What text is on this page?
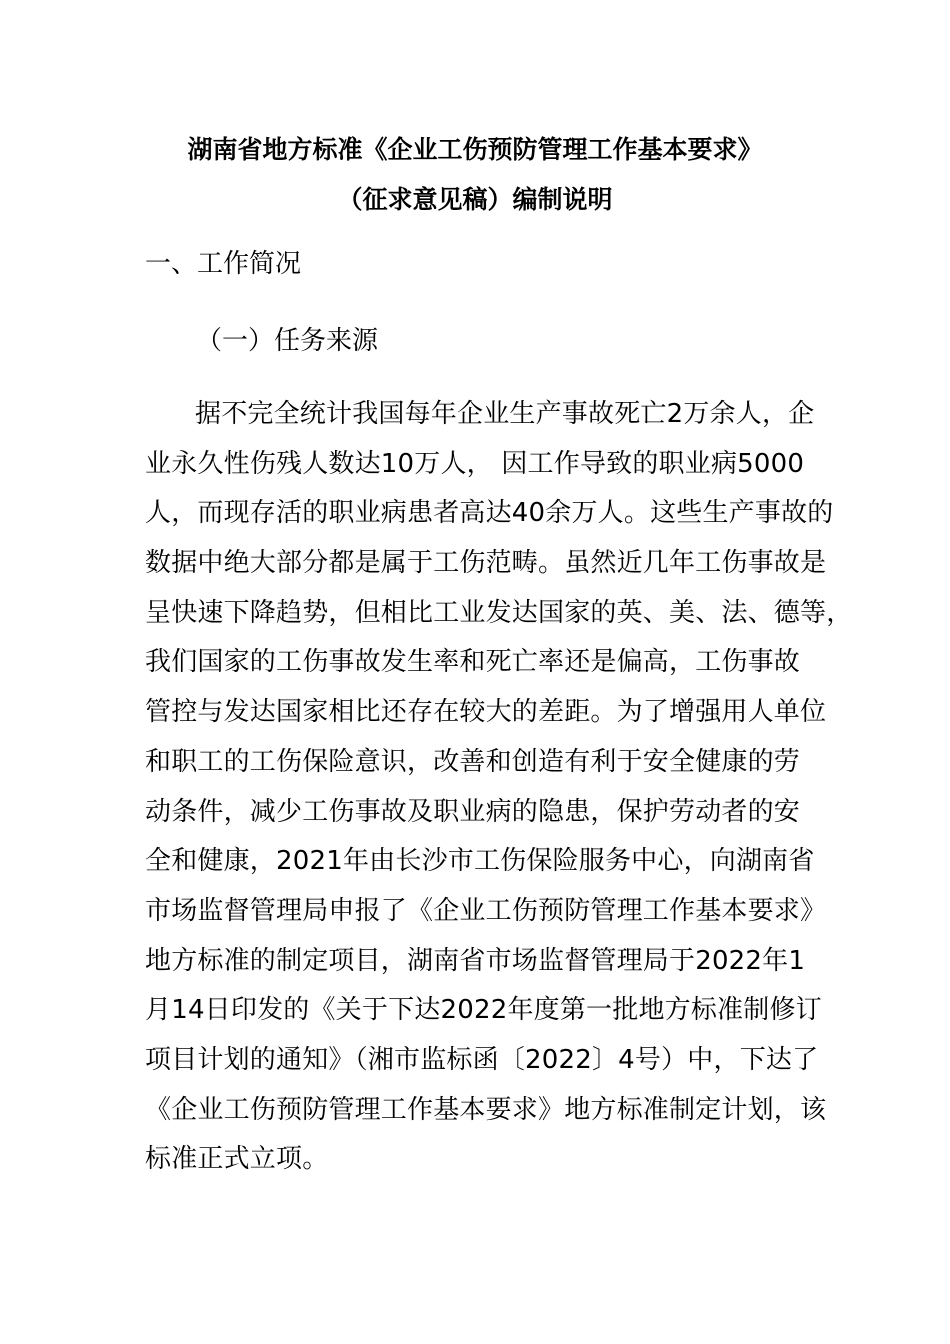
湖南省地方标准《企业工伤预防管理工作基本要求》
（征求意见稿）编制说明
一、工作简况
（一）任务来源
据不完全统计我国每年企业生产事故死亡2万余人，企
业永久性伤残人数达10万人， 因工作导致的职业病5000
人，而现存活的职业病患者高达40余万人。这些生产事故的
数据中绝大部分都是属于工伤范畴。虽然近几年工伤事故是
呈快速下降趋势，但相比工业发达国家的英、美、法、德等，
我们国家的工伤事故发生率和死亡率还是偏高，工伤事故
管控与发达国家相比还存在较大的差距。为了增强用人单位
和职工的工伤保险意识，改善和创造有利于安全健康的劳
动条件，减少工伤事故及职业病的隐患，保护劳动者的安
全和健康，2021年由长沙市工伤保险服务中心，向湖南省
市场监督管理局申报了《企业工伤预防管理工作基本要求》
地方标准的制定项目，湖南省市场监督管理局于2022年1
月14日印发的《关于下达2022年度第一批地方标准制修订
项目计划的通知》（湘市监标函〔2022〕4号）中，下达了
《企业工伤预防管理工作基本要求》地方标准制定计划，该
标准正式立项。
